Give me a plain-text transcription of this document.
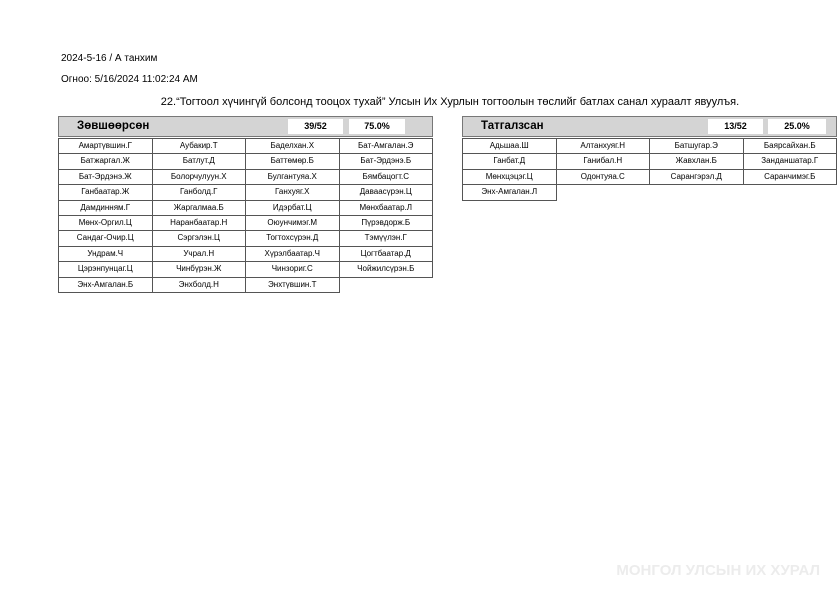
2024-5-16 / А танхим
Огноо: 5/16/2024 11:02:24 AM
22.“Тогтоол хүчингүй болсонд тооцох тухай” Улсын Их Хурлын тогтоолын төслийг батлах санал хураалт явуулъя.
Зөвшөөрсөн	39/52	75.0%
Амартүвшин.Г	Аубакир.Т	Баделхан.Х	Бат-Амгалан.Э
Батжаргал.Ж	Батлут.Д	Баттөмөр.Б	Бат-Эрдэнэ.Б
Бат-Эрдэнэ.Ж	Болорчулуун.Х	Булгантуяа.Х	Бямбацогт.С
Ганбаатар.Ж	Ганболд.Г	Ганхуяг.Х	Даваасүрэн.Ц
Дамдинням.Г	Жаргалмаа.Б	Идэрбат.Ц	Мөнхбаатар.Л
Мөнх-Оргил.Ц	Наранбаатар.Н	Оюунчимэг.М	Пүрэвдорж.Б
Сандаг-Очир.Ц	Сэргэлэн.Ц	Тогтохсүрэн.Д	Тэмүүлэн.Г
Ундрам.Ч	Учрал.Н	Хүрэлбаатар.Ч	Цогтбаатар.Д
Цэрэнпунцаг.Ц	Чинбүрэн.Ж	Чинзориг.С	Чойжилсүрэн.Б
Энх-Амгалан.Б	Энхболд.Н	Энхтүвшин.Т
Татгалзсан	13/52	25.0%
Адьшаа.Ш	Алтанхуяг.Н	Батшугар.Э	Баярсайхан.Б
Ганбат.Д	Ганибал.Н	Жавхлан.Б	Занданшатар.Г
Мөнхцэцэг.Ц	Одонтуяа.С	Сарангэрэл.Д	Саранчимэг.Б
Энх-Амгалан.Л
МОНГОЛ УЛСЫН ИХ ХУРАЛ
